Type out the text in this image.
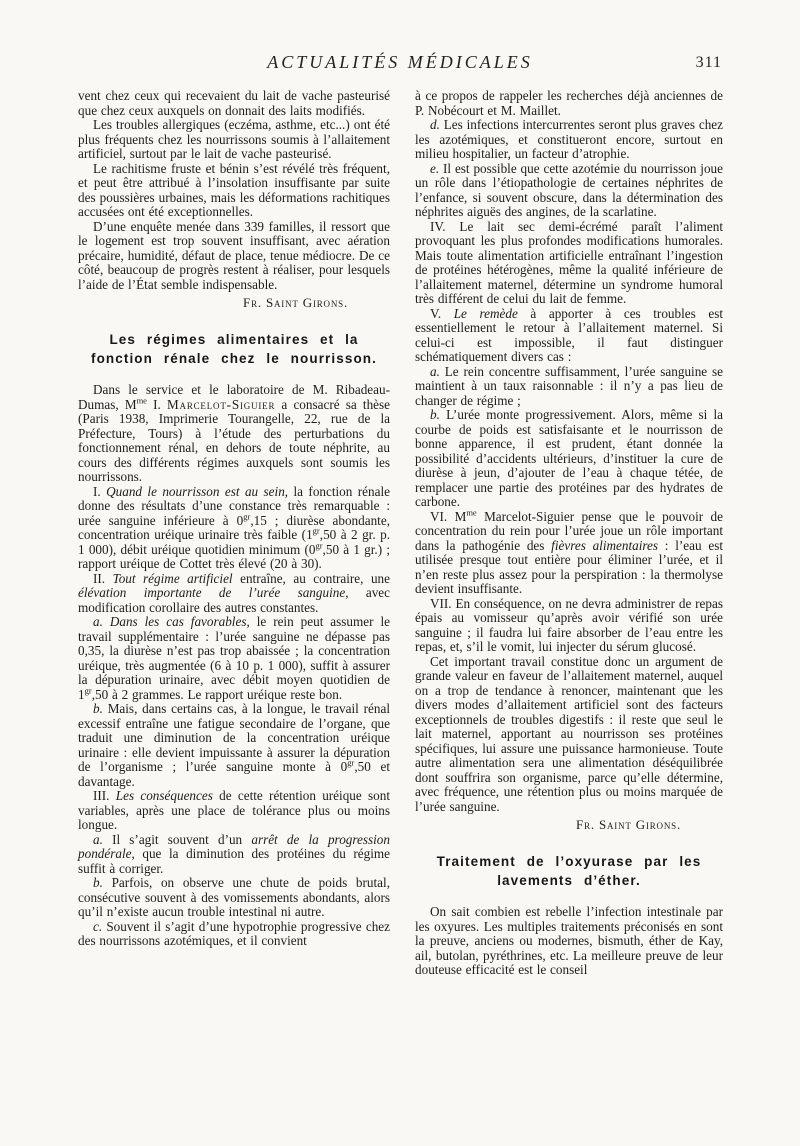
ACTUALITÉS MÉDICALES	311

vent chez ceux qui recevaient du lait de vache pasteurisé que chez ceux auxquels on donnait des laits modifiés.

Les troubles allergiques (eczéma, asthme, etc...) ont été plus fréquents chez les nourrissons soumis à l’allaitement artificiel, surtout par le lait de vache pasteurisé.

Le rachitisme fruste et bénin s’est révélé très fréquent, et peut être attribué à l’insolation insuffisante par suite des poussières urbaines, mais les déformations rachitiques accusées ont été exceptionnelles.

D’une enquête menée dans 339 familles, il ressort que le logement est trop souvent insuffisant, avec aération précaire, humidité, défaut de place, tenue médiocre. De ce côté, beaucoup de progrès restent à réaliser, pour lesquels l’aide de l’État semble indispensable.

Fr. Saint Girons.
Les régimes alimentaires et la fonction rénale chez le nourrisson.

Dans le service et le laboratoire de M. Ribadeau-Dumas, $M^{me}$ I. Marcelot-Siguier a consacré sa thèse (Paris 1938, Imprimerie Tourangelle, 22, rue de la Préfecture, Tours) à l’étude des perturbations du fonctionnement rénal, en dehors de toute néphrite, au cours des différents régimes auxquels sont soumis les nourrissons.

I. Quand le nourrisson est au sein, la fonction rénale donne des résultats d’une constance très remarquable : urée sanguine inférieure à $0^{gr},15$ ; diurèse abondante, concentration uréique urinaire très faible ($1^{gr},50$ à 2 gr. p. 1 000), débit uréique quotidien minimum ($0^{gr},50$ à 1 gr.) ; rapport uréique de Cottet très élevé (20 à 30).

II. Tout régime artificiel entraîne, au contraire, une élévation importante de l’urée sanguine, avec modification corollaire des autres constantes.

a. Dans les cas favorables, le rein peut assumer le travail supplémentaire : l’urée sanguine ne dépasse pas 0,35, la diurèse n’est pas trop abaissée ; la concentration uréique, très augmentée (6 à 10 p. 1 000), suffit à assurer la dépuration urinaire, avec débit moyen quotidien de $1^{gr},50$ à 2 grammes. Le rapport uréique reste bon.

b. Mais, dans certains cas, à la longue, le travail rénal excessif entraîne une fatigue secondaire de l’organe, que traduit une diminution de la concentration uréique urinaire : elle devient impuissante à assurer la dépuration de l’organisme ; l’urée sanguine monte à $0^{gr},50$ et davantage.

III. Les conséquences de cette rétention uréique sont variables, après une place de tolérance plus ou moins longue.

a. Il s’agit souvent d’un arrêt de la progression pondérale, que la diminution des protéines du régime suffit à corriger.

b. Parfois, on observe une chute de poids brutal, consécutive souvent à des vomissements abondants, alors qu’il n’existe aucun trouble intestinal ni autre.

c. Souvent il s’agit d’une hypotrophie progressive chez des nourrissons azotémiques, et il convient

à ce propos de rappeler les recherches déjà anciennes de P. Nobécourt et M. Maillet.

d. Les infections intercurrentes seront plus graves chez les azotémiques, et constitueront encore, surtout en milieu hospitalier, un facteur d’atrophie.

e. Il est possible que cette azotémie du nourrisson joue un rôle dans l’étiopathologie de certaines néphrites de l’enfance, si souvent obscure, dans la détermination des néphrites aiguës des angines, de la scarlatine.

IV. Le lait sec demi-écrémé paraît l’aliment provoquant les plus profondes modifications humorales. Mais toute alimentation artificielle entraînant l’ingestion de protéines hétérogènes, même la qualité inférieure de l’allaitement maternel, détermine un syndrome humoral très différent de celui du lait de femme.

V. Le remède à apporter à ces troubles est essentiellement le retour à l’allaitement maternel. Si celui-ci est impossible, il faut distinguer schématiquement divers cas :

a. Le rein concentre suffisamment, l’urée sanguine se maintient à un taux raisonnable : il n’y a pas lieu de changer de régime ;

b. L’urée monte progressivement. Alors, même si la courbe de poids est satisfaisante et le nourrisson de bonne apparence, il est prudent, étant donnée la possibilité d’accidents ultérieurs, d’instituer la cure de diurèse à jeun, d’ajouter de l’eau à chaque tétée, de remplacer une partie des protéines par des hydrates de carbone.

VI. $M^{me}$ Marcelot-Siguier pense que le pouvoir de concentration du rein pour l’urée joue un rôle important dans la pathogénie des fièvres alimentaires : l’eau est utilisée presque tout entière pour éliminer l’urée, et il n’en reste plus assez pour la perspiration : la thermolyse devient insuffisante.

VII. En conséquence, on ne devra administrer de repas épais au vomisseur qu’après avoir vérifié son urée sanguine ; il faudra lui faire absorber de l’eau entre les repas, et, s’il le vomit, lui injecter du sérum glucosé.

Cet important travail constitue donc un argument de grande valeur en faveur de l’allaitement maternel, auquel on a trop de tendance à renoncer, maintenant que les divers modes d’allaitement artificiel sont des facteurs exceptionnels de troubles digestifs : il reste que seul le lait maternel, apportant au nourrisson ses protéines spécifiques, lui assure une puissance harmonieuse. Toute autre alimentation sera une alimentation déséquilibrée dont souffrira son organisme, parce qu’elle détermine, avec fréquence, une rétention plus ou moins marquée de l’urée sanguine.

Fr. Saint Girons.
Traitement de l’oxyurase par les lavements d’éther.

On sait combien est rebelle l’infection intestinale par les oxyures. Les multiples traitements préconisés en sont la preuve, anciens ou modernes, bismuth, éther de Kay, ail, butolan, pyréthrines, etc. La meilleure preuve de leur douteuse efficacité est le conseil
